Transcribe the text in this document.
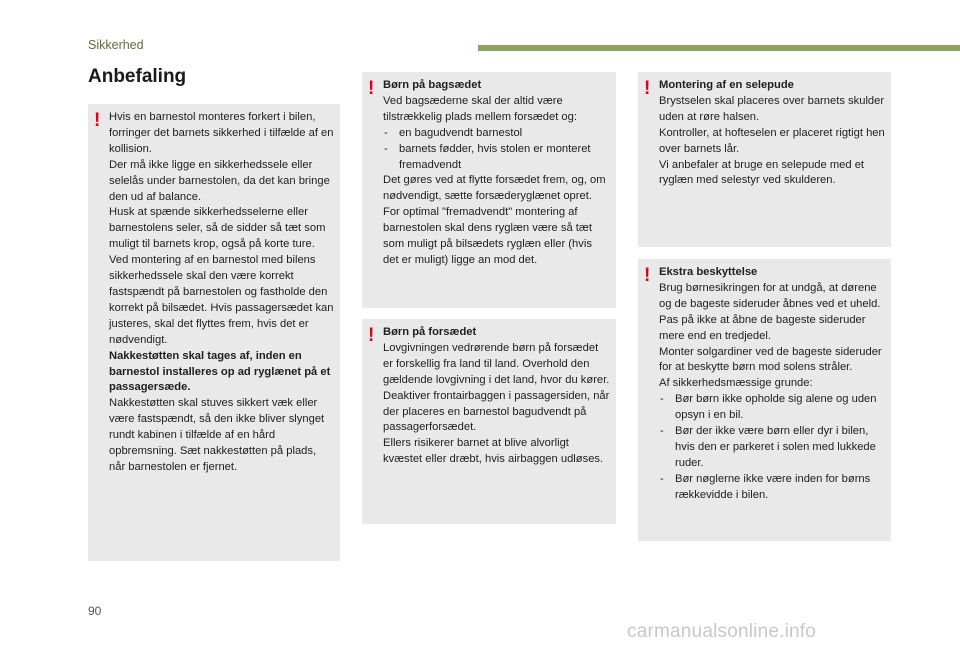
Sikkerhed
Anbefaling
! Hvis en barnestol monteres forkert i bilen, forringer det barnets sikkerhed i tilfælde af en kollision.

Der må ikke ligge en sikkerhedssele eller selelås under barnestolen, da det kan bringe den ud af balance.

Husk at spænde sikkerhedsselerne eller barnestolens seler, så de sidder så tæt som muligt til barnets krop, også på korte ture.

Ved montering af en barnestol med bilens sikkerhedssele skal den være korrekt fastspændt på barnestolen og fastholde den korrekt på bilsædet. Hvis passagersædet kan justeres, skal det flyttes frem, hvis det er nødvendigt.

Nakkestøtten skal tages af, inden en barnestol installeres op ad ryglænet på et passagersæde.

Nakkestøtten skal stuves sikkert væk eller være fastspændt, så den ikke bliver slynget rundt kabinen i tilfælde af en hård opbremsning. Sæt nakkestøtten på plads, når barnestolen er fjernet.

! Børn på bagsædet

Ved bagsæderne skal der altid være tilstrækkelig plads mellem forsædet og:

- en bagudvendt barnestol
- barnets fødder, hvis stolen er monteret fremadvendt

Det gøres ved at flytte forsædet frem, og, om nødvendigt, sætte forsæderyglænet opret.

For optimal "fremadvendt" montering af barnestolen skal dens ryglæn være så tæt som muligt på bilsædets ryglæn eller (hvis det er muligt) ligge an mod det.

! Børn på forsædet

Lovgivningen vedrørende børn på forsædet er forskellig fra land til land. Overhold den gældende lovgivning i det land, hvor du kører.

Deaktiver frontairbaggen i passagersiden, når der placeres en barnestol bagudvendt på passagerforsædet.

Ellers risikerer barnet at blive alvorligt kvæstet eller dræbt, hvis airbaggen udløses.

! Montering af en selepude

Brystselen skal placeres over barnets skulder uden at røre halsen.

Kontroller, at hofteselen er placeret rigtigt hen over barnets lår.

Vi anbefaler at bruge en selepude med et ryglæn med selestyr ved skulderen.

! Ekstra beskyttelse

Brug børnesikringen for at undgå, at dørene og de bageste sideruder åbnes ved et uheld.

Pas på ikke at åbne de bageste sideruder mere end en tredjedel.

Monter solgardiner ved de bageste sideruder for at beskytte børn mod solens stråler.

Af sikkerhedsmæssige grunde:

- Bør børn ikke opholde sig alene og uden opsyn i en bil.
- Bør der ikke være børn eller dyr i bilen, hvis den er parkeret i solen med lukkede ruder.
- Bør nøglerne ikke være inden for børns rækkevidde i bilen.
90
carmanualsonline.info
